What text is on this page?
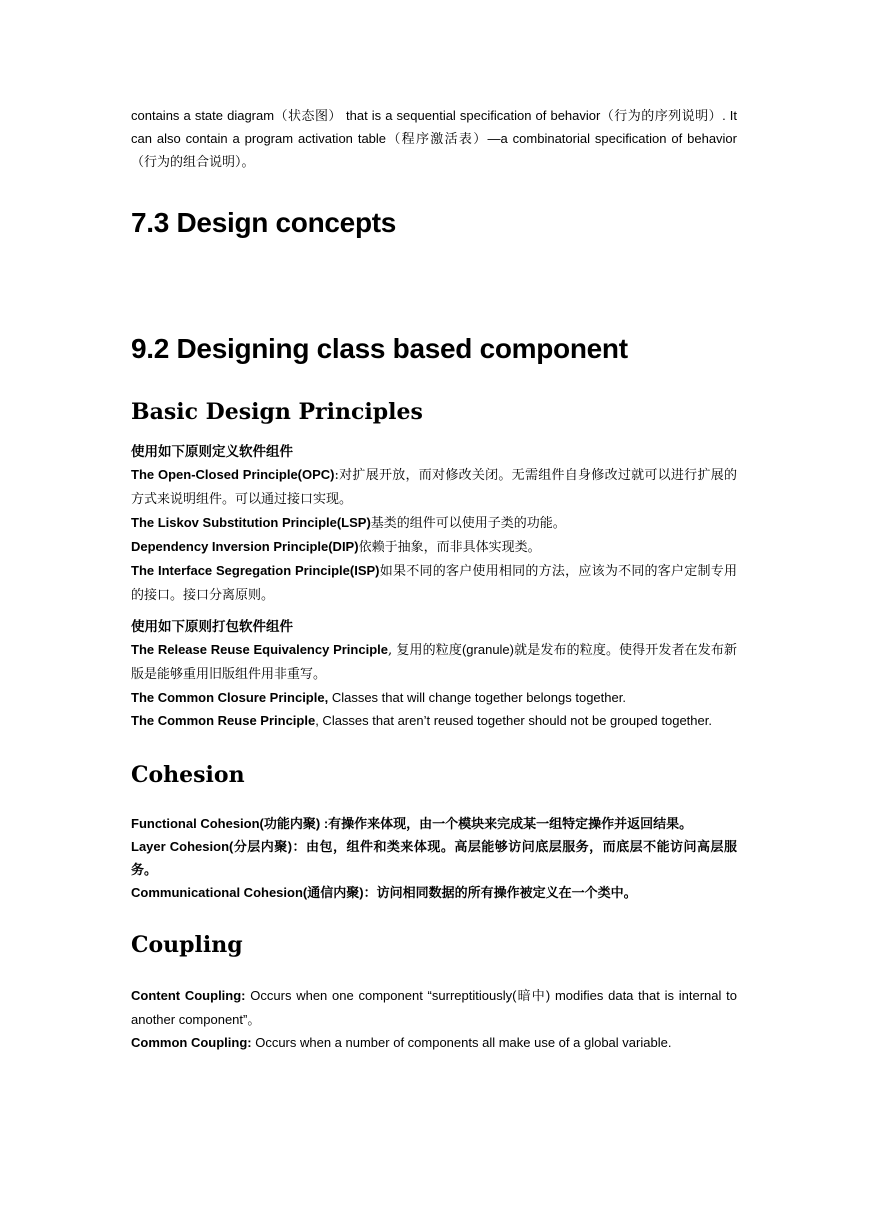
contains a state diagram（状态图） that is a sequential specification of behavior（行为的序列说明）. It can also contain a program activation table（程序激活表）—a combinatorial specification of behavior（行为的组合说明）。

7.3 Design concepts
9.2 Designing class based component
Basic Design Principles
使用如下原则定义软件组件

The Open-Closed Principle(OPC):对扩展开放，而对修改关闭。无需组件自身修改过就可以进行扩展的方式来说明组件。可以通过接口实现。

The Liskov Substitution Principle(LSP)基类的组件可以使用子类的功能。

Dependency Inversion Principle(DIP)依赖于抽象，而非具体实现类。

The Interface Segregation Principle(ISP)如果不同的客户使用相同的方法，应该为不同的客户定制专用的接口。接口分离原则。

使用如下原则打包软件组件

The Release Reuse Equivalency Principle, 复用的粒度(granule)就是发布的粒度。使得开发者在发布新版是能够重用旧版组件用非重写。

The Common Closure Principle, Classes that will change together belongs together.

The Common Reuse Principle, Classes that aren’t reused together should not be grouped together.

Cohesion

Functional Cohesion(功能内聚) :有操作来体现，由一个模块来完成某一组特定操作并返回结果。

Layer Cohesion(分层内聚)：由包，组件和类来体现。高层能够访问底层服务，而底层不能访问高层服务。

Communicational Cohesion(通信内聚)：访问相同数据的所有操作被定义在一个类中。

Coupling

Content Coupling: Occurs when one component “surreptitiously(暗中) modifies data that is internal to another component”。

Common Coupling: Occurs when a number of components all make use of a global variable.
